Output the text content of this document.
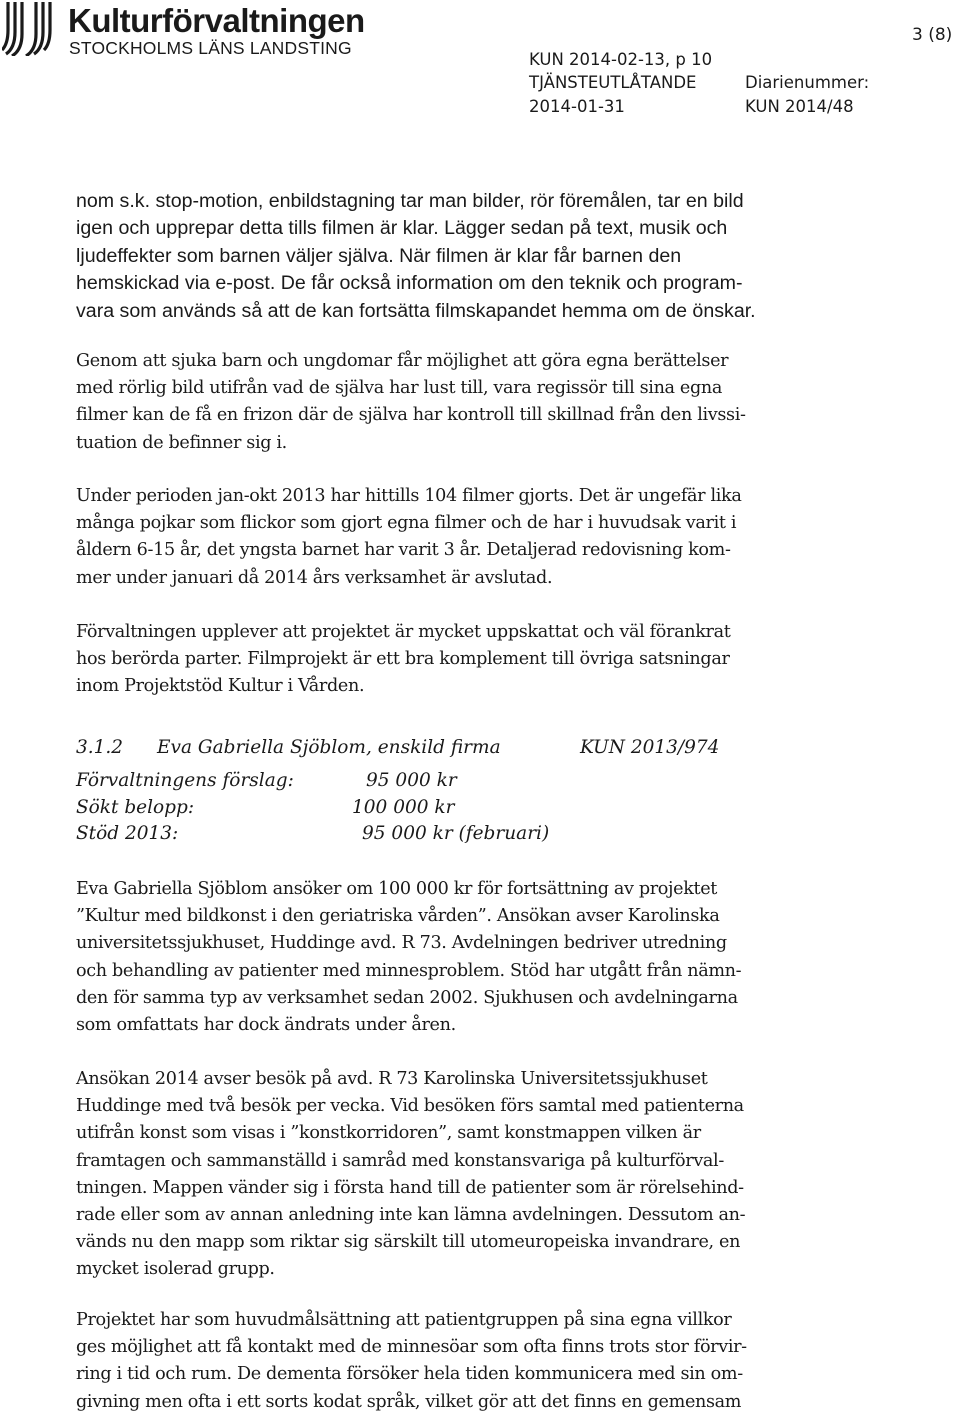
Kulturförvaltningen
STOCKHOLMS LÄNS LANDSTING
3 (8)
KUN 2014-02-13, p 10
TJÄNSTEUTLÅTANDE
2014-01-31
Diarienummer:
KUN 2014/48
nom s.k. stop-motion, enbildstagning tar man bilder, rör föremålen, tar en bild
igen och upprepar detta tills filmen är klar. Lägger sedan på text, musik och
ljudeffekter som barnen väljer själva. När filmen är klar får barnen den
hemskickad via e-post. De får också information om den teknik och program-
vara som används så att de kan fortsätta filmskapandet hemma om de önskar.
Genom att sjuka barn och ungdomar får möjlighet att göra egna berättelser
med rörlig bild utifrån vad de själva har lust till, vara regissör till sina egna
filmer kan de få en frizon där de själva har kontroll till skillnad från den livssi-
tuation de befinner sig i.
Under perioden jan-okt 2013 har hittills 104 filmer gjorts. Det är ungefär lika
många pojkar som flickor som gjort egna filmer och de har i huvudsak varit i
åldern 6-15 år, det yngsta barnet har varit 3 år. Detaljerad redovisning kom-
mer under januari då 2014 års verksamhet är avslutad.
Förvaltningen upplever att projektet är mycket uppskattat och väl förankrat
hos berörda parter. Filmprojekt är ett bra komplement till övriga satsningar
inom Projektstöd Kultur i Vården.
3.1.2 Eva Gabriella Sjöblom, enskild firma	KUN 2013/974
Förvaltningens förslag:	95 000 kr
Sökt belopp:	100 000 kr
Stöd 2013:	95 000 kr (februari)
Eva Gabriella Sjöblom ansöker om 100 000 kr för fortsättning av projektet
”Kultur med bildkonst i den geriatriska vården”. Ansökan avser Karolinska
universitetssjukhuset, Huddinge avd. R 73. Avdelningen bedriver utredning
och behandling av patienter med minnesproblem. Stöd har utgått från nämn-
den för samma typ av verksamhet sedan 2002. Sjukhusen och avdelningarna
som omfattats har dock ändrats under åren.
Ansökan 2014 avser besök på avd. R 73 Karolinska Universitetssjukhuset
Huddinge med två besök per vecka. Vid besöken förs samtal med patienterna
utifrån konst som visas i ”konstkorridoren”, samt konstmappen vilken är
framtagen och sammanställd i samråd med konstansvariga på kulturförval-
tningen. Mappen vänder sig i första hand till de patienter som är rörelsehind-
rade eller som av annan anledning inte kan lämna avdelningen. Dessutom an-
vänds nu den mapp som riktar sig särskilt till utomeuropeiska invandrare, en
mycket isolerad grupp.
Projektet har som huvudmålsättning att patientgruppen på sina egna villkor
ges möjlighet att få kontakt med de minnesöar som ofta finns trots stor förvir-
ring i tid och rum. De dementa försöker hela tiden kommunicera med sin om-
givning men ofta i ett sorts kodat språk, vilket gör att det finns en gemensam
